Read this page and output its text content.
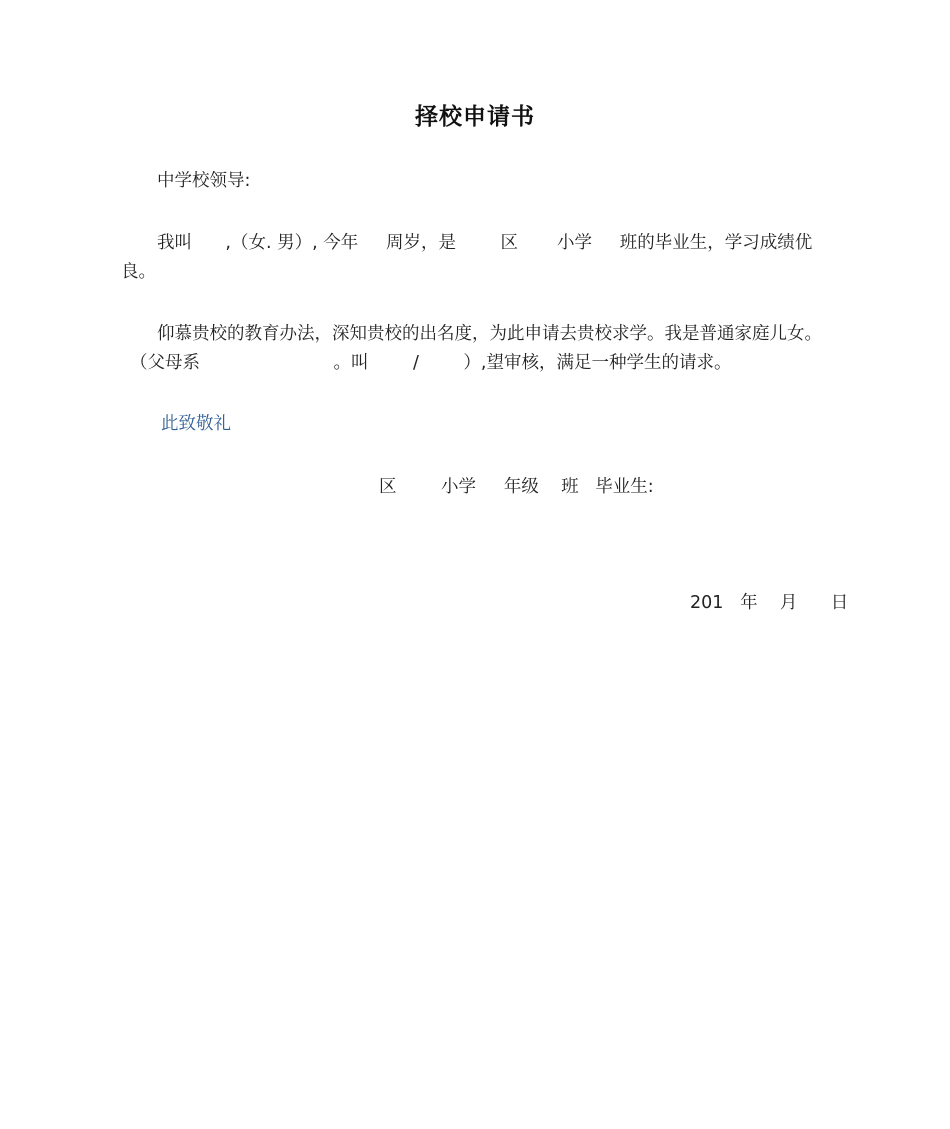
择校申请书
中学校领导:
我叫      ,（女. 男）, 今年     周岁，是        区       小学     班的毕业生，学习成绩优
良。
仰慕贵校的教育办法，深知贵校的出名度，为此申请去贵校求学。我是普通家庭儿女。
（父母系                        。叫        /        ）,望审核，满足一种学生的请求。
此致敬礼
区        小学     年级    班   毕业生:
201   年    月      日
